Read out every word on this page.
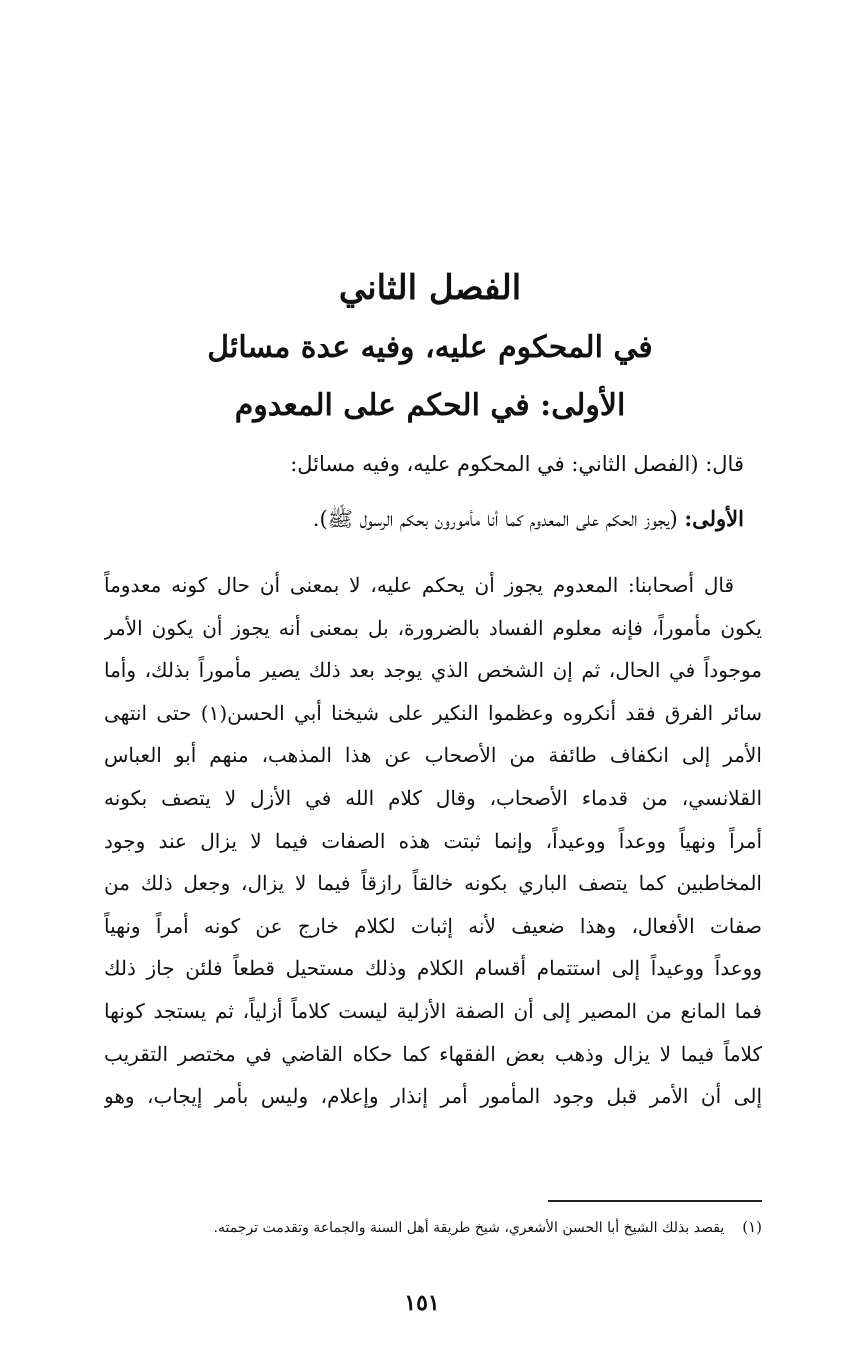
الفصل الثاني
في المحكوم عليه، وفيه عدة مسائل
الأولى: في الحكم على المعدوم
قال: (الفصل الثاني: في المحكوم عليه، وفيه مسائل:
الأولى: (يجوز الحكم على المعدوم كما أنا مأمورون بحكم الرسول ﷺ).
قال أصحابنا: المعدوم يجوز أن يحكم عليه، لا بمعنى أن حال كونه معدوماً
يكون مأموراً، فإنه معلوم الفساد بالضرورة، بل بمعنى أنه يجوز أن يكون الأمر
موجوداً في الحال، ثم إن الشخص الذي يوجد بعد ذلك يصير مأموراً بذلك، وأما
سائر الفرق فقد أنكروه وعظموا النكير على شيخنا أبي الحسن(١) حتى انتهى
الأمر إلى انكفاف طائفة من الأصحاب عن هذا المذهب، منهم أبو العباس
القلانسي، من قدماء الأصحاب، وقال كلام الله في الأزل لا يتصف بكونه
أمراً ونهياً ووعداً ووعيداً، وإنما ثبتت هذه الصفات فيما لا يزال عند وجود
المخاطبين كما يتصف الباري بكونه خالقاً رازقاً فيما لا يزال، وجعل ذلك من
صفات الأفعال، وهذا ضعيف لأنه إثبات لكلام خارج عن كونه أمراً ونهياً
ووعداً ووعيداً إلى استتمام أقسام الكلام وذلك مستحيل قطعاً فلئن جاز ذلك
فما المانع من المصير إلى أن الصفة الأزلية ليست كلاماً أزلياً، ثم يستجد كونها
كلاماً فيما لا يزال وذهب بعض الفقهاء كما حكاه القاضي في مختصر التقريب
إلى أن الأمر قبل وجود المأمور أمر إنذار وإعلام، وليس بأمر إيجاب، وهو
(١)يقصد بذلك الشيخ أبا الحسن الأشعري، شيخ طريقة أهل السنة والجماعة وتقدمت ترجمته.
١٥١
